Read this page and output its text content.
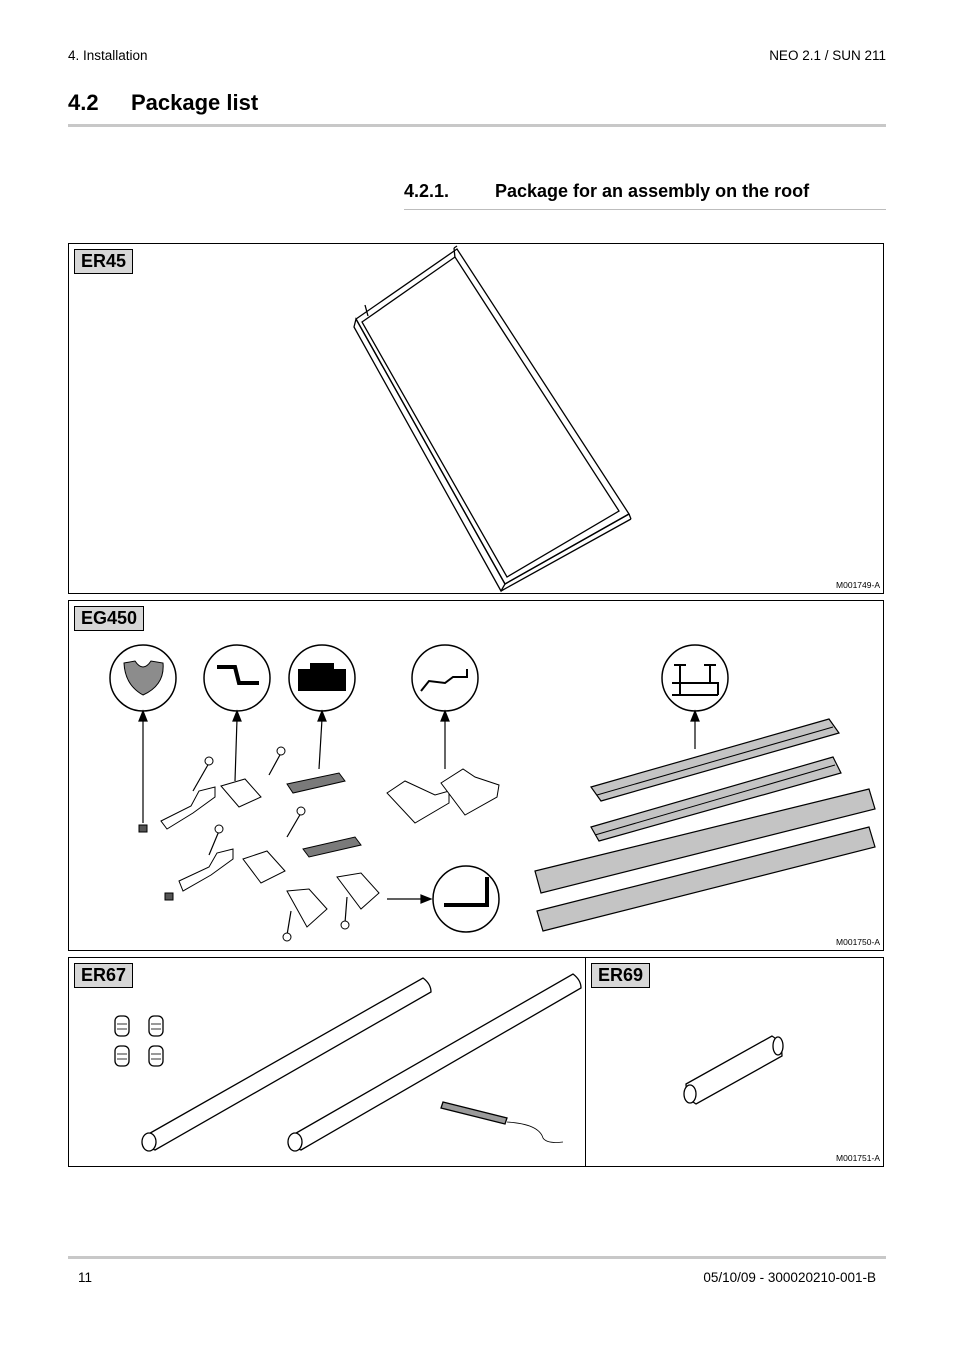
4. Installation	NEO 2.1 / SUN 211
4.2 Package list
4.2.1.	Package for an assembly on the roof
ER45
M001749-A
EG450
M001750-A
ER67	ER69
M001751-A
11	05/10/09 - 300020210-001-B
